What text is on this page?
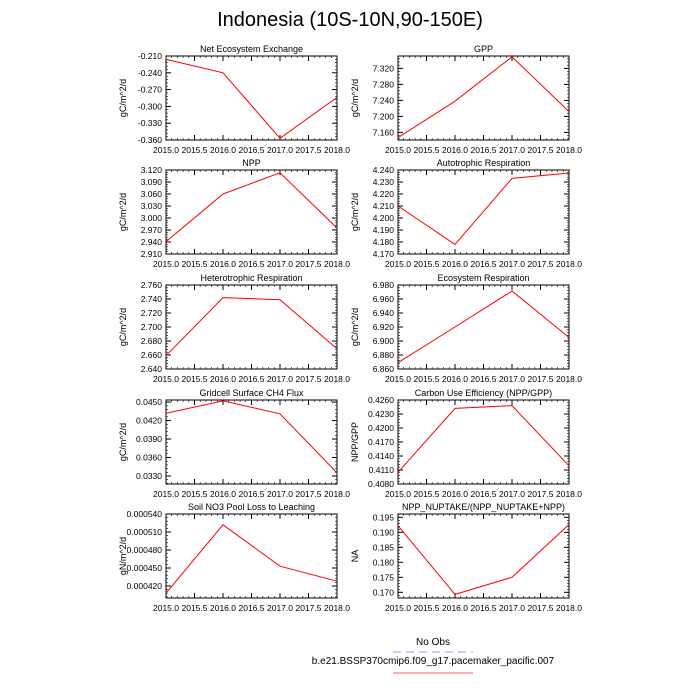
Indonesia (10S-10N,90-150E)
Net Ecosystem Exchange
gC/m^2/d
2015.0 2015.5 2016.0 2016.5 2017.0 2017.5 2018.0
-0.360
-0.330
-0.300
-0.270
-0.240
-0.210
GPP
gC/m^2/d
2015.0 2015.5 2016.0 2016.5 2017.0 2017.5 2018.0
7.160
7.200
7.240
7.280
7.320
NPP
gC/m^2/d
2015.0 2015.5 2016.0 2016.5 2017.0 2017.5 2018.0
2.910
2.940
2.970
3.000
3.030
3.060
3.090
3.120
Autotrophic Respiration
gC/m^2/d
2015.0 2015.5 2016.0 2016.5 2017.0 2017.5 2018.0
4.170
4.180
4.190
4.200
4.210
4.220
4.230
4.240
Heterotrophic Respiration
gC/m^2/d
2015.0 2015.5 2016.0 2016.5 2017.0 2017.5 2018.0
2.640
2.660
2.680
2.700
2.720
2.740
2.760
Ecosystem Respiration
gC/m^2/d
2015.0 2015.5 2016.0 2016.5 2017.0 2017.5 2018.0
6.860
6.880
6.900
6.920
6.940
6.960
6.980
Gridcell Surface CH4 Flux
gC/m^2/d
2015.0 2015.5 2016.0 2016.5 2017.0 2017.5 2018.0
0.0330
0.0360
0.0390
0.0420
0.0450
Carbon Use Efficiency (NPP/GPP)
NPP/GPP
2015.0 2015.5 2016.0 2016.5 2017.0 2017.5 2018.0
0.4080
0.4110
0.4140
0.4170
0.4200
0.4230
0.4260
Soil NO3 Pool Loss to Leaching
gN/m^2/d
2015.0 2015.5 2016.0 2016.5 2017.0 2017.5 2018.0
0.000420
0.000450
0.000480
0.000510
0.000540
NPP_NUPTAKE/(NPP_NUPTAKE+NPP)
NA
2015.0 2015.5 2016.0 2016.5 2017.0 2017.5 2018.0
0.170
0.175
0.180
0.185
0.190
0.195
No Obs
b.e21.BSSP370cmip6.f09_g17.pacemaker_pacific.007
